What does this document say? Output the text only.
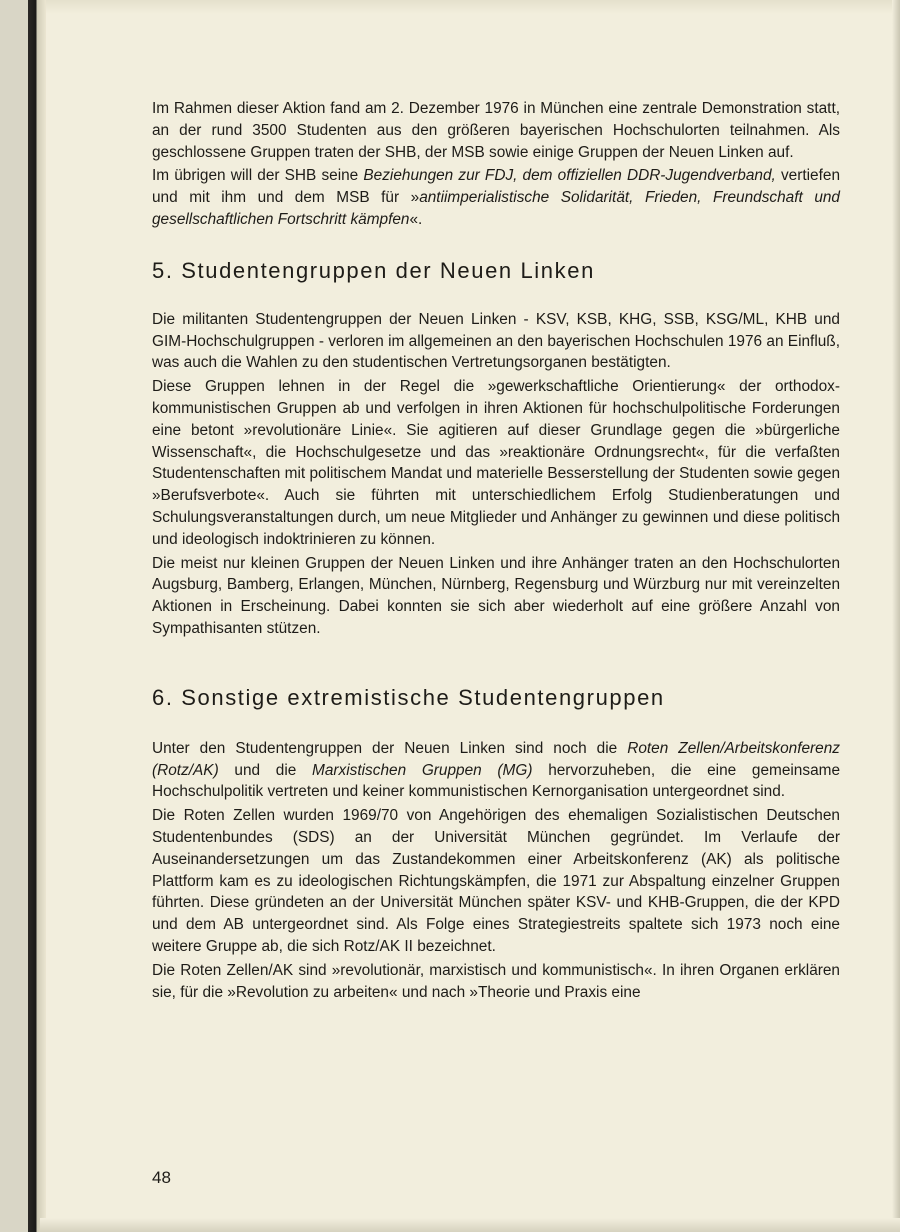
Im Rahmen dieser Aktion fand am 2. Dezember 1976 in München eine zentrale Demonstration statt, an der rund 3500 Studenten aus den größeren bayerischen Hochschulorten teilnahmen. Als geschlossene Gruppen traten der SHB, der MSB sowie einige Gruppen der Neuen Linken auf.

Im übrigen will der SHB seine Beziehungen zur FDJ, dem offiziellen DDR-Jugendverband, vertiefen und mit ihm und dem MSB für »antiimperialistische Solidarität, Frieden, Freundschaft und gesellschaftlichen Fortschritt kämpfen«.

5. Studentengruppen der Neuen Linken

Die militanten Studentengruppen der Neuen Linken - KSV, KSB, KHG, SSB, KSG/ML, KHB und GIM-Hochschulgruppen - verloren im allgemeinen an den bayerischen Hochschulen 1976 an Einfluß, was auch die Wahlen zu den studentischen Vertretungsorganen bestätigten.

Diese Gruppen lehnen in der Regel die »gewerkschaftliche Orientierung« der orthodox-kommunistischen Gruppen ab und verfolgen in ihren Aktionen für hochschulpolitische Forderungen eine betont »revolutionäre Linie«. Sie agitieren auf dieser Grundlage gegen die »bürgerliche Wissenschaft«, die Hochschulgesetze und das »reaktionäre Ordnungsrecht«, für die verfaßten Studentenschaften mit politischem Mandat und materielle Besserstellung der Studenten sowie gegen »Berufsverbote«. Auch sie führten mit unterschiedlichem Erfolg Studienberatungen und Schulungsveranstaltungen durch, um neue Mitglieder und Anhänger zu gewinnen und diese politisch und ideologisch indoktrinieren zu können.

Die meist nur kleinen Gruppen der Neuen Linken und ihre Anhänger traten an den Hochschulorten Augsburg, Bamberg, Erlangen, München, Nürnberg, Regensburg und Würzburg nur mit vereinzelten Aktionen in Erscheinung. Dabei konnten sie sich aber wiederholt auf eine größere Anzahl von Sympathisanten stützen.

6. Sonstige extremistische Studentengruppen

Unter den Studentengruppen der Neuen Linken sind noch die Roten Zellen/Arbeitskonferenz (Rotz/AK) und die Marxistischen Gruppen (MG) hervorzuheben, die eine gemeinsame Hochschulpolitik vertreten und keiner kommunistischen Kernorganisation untergeordnet sind.

Die Roten Zellen wurden 1969/70 von Angehörigen des ehemaligen Sozialistischen Deutschen Studentenbundes (SDS) an der Universität München gegründet. Im Verlaufe der Auseinandersetzungen um das Zustandekommen einer Arbeitskonferenz (AK) als politische Plattform kam es zu ideologischen Richtungskämpfen, die 1971 zur Abspaltung einzelner Gruppen führten. Diese gründeten an der Universität München später KSV- und KHB-Gruppen, die der KPD und dem AB untergeordnet sind. Als Folge eines Strategiestreits spaltete sich 1973 noch eine weitere Gruppe ab, die sich Rotz/AK II bezeichnet.

Die Roten Zellen/AK sind »revolutionär, marxistisch und kommunistisch«. In ihren Organen erklären sie, für die »Revolution zu arbeiten« und nach »Theorie und Praxis eine

48
